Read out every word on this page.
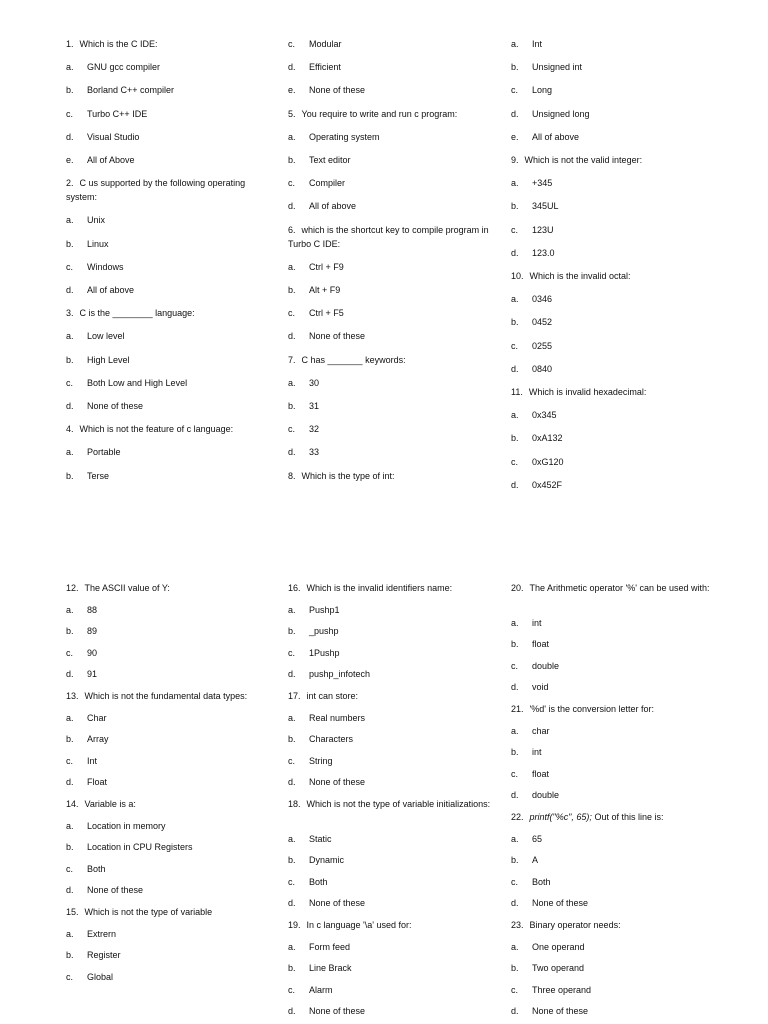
1. Which is the C IDE:
a. GNU gcc compiler
b. Borland C++ compiler
c. Turbo C++ IDE
d. Visual Studio
e. All of Above
2. C us supported by the following operating system:
a. Unix
b. Linux
c. Windows
d. All of above
3. C is the ________ language:
a. Low level
b. High Level
c. Both Low and High Level
d. None of these
4. Which is not the feature of c language:
a. Portable
b. Terse
c. Modular
d. Efficient
e. None of these
5. You require to write and run c program:
a. Operating system
b. Text editor
c. Compiler
d. All of above
6. which is the shortcut key to compile program in Turbo C IDE:
a. Ctrl + F9
b. Alt + F9
c. Ctrl + F5
d. None of these
7. C has _______ keywords:
a. 30
b. 31
c. 32
d. 33
8. Which is the type of int:
a. Int
b. Unsigned int
c. Long
d. Unsigned long
e. All of above
9. Which is not the valid integer:
a. +345
b. 345UL
c. 123U
d. 123.0
10. Which is the invalid octal:
a. 0346
b. 0452
c. 0255
d. 0840
11. Which is invalid hexadecimal:
a. 0x345
b. 0xA132
c. 0xG120
d. 0x452F
12. The ASCII value of Y:
a. 88
b. 89
c. 90
d. 91
13. Which is not the fundamental data types:
a. Char
b. Array
c. Int
d. Float
14. Variable is a:
a. Location in memory
b. Location in CPU Registers
c. Both
d. None of these
15. Which is not the type of variable
a. Extrern
b. Register
c. Global
16. Which is the invalid identifiers name:
a. Pushp1
b. _pushp
c. 1Pushp
d. pushp_infotech
17. int can store:
a. Real numbers
b. Characters
c. String
d. None of these
18. Which is not the type of variable initializations:
a. Static
b. Dynamic
c. Both
d. None of these
19. In c language '\a' used for:
a. Form feed
b. Line Brack
c. Alarm
d. None of these
20. The Arithmetic operator '%' can be used with:
a. int
b. float
c. double
d. void
21. '%d' is the conversion letter for:
a. char
b. int
c. float
d. double
22. printf("%c", 65); Out of this line is:
a. 65
b. A
c. Both
d. None of these
23. Binary operator needs:
a. One operand
b. Two operand
c. Three operand
d. None of these
